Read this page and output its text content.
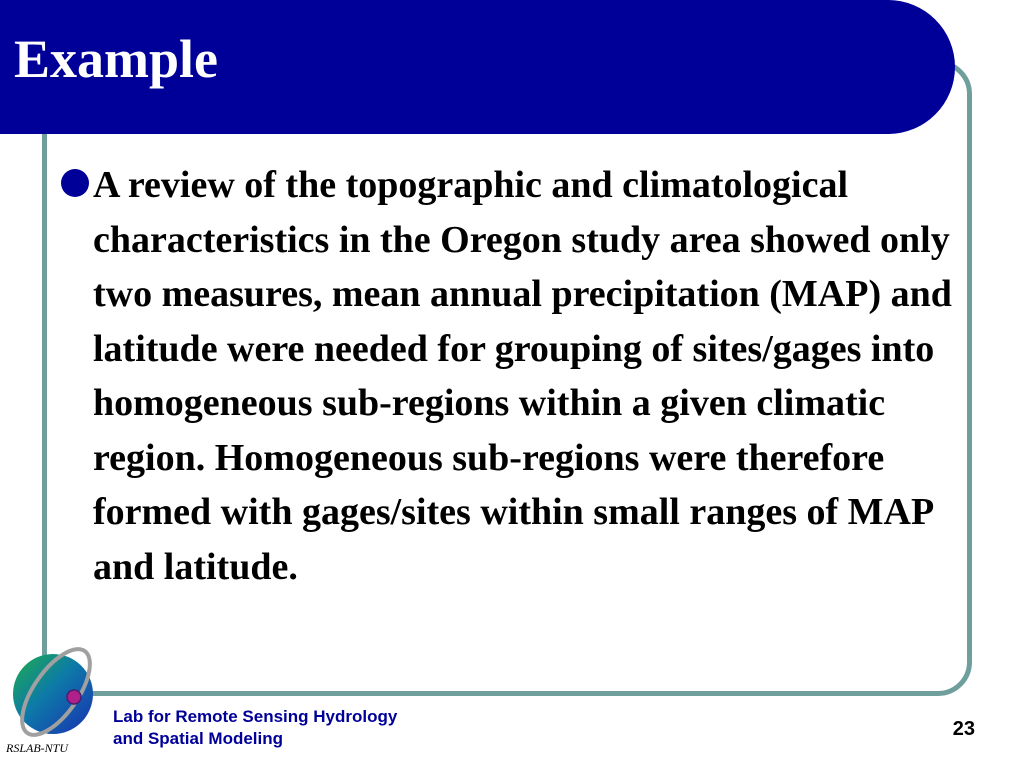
Example

A review of the topographic and climatological characteristics in the Oregon study area showed only two measures, mean annual precipitation (MAP) and latitude were needed for grouping of sites/gages into homogeneous sub-regions within a given climatic region. Homogeneous sub-regions were therefore formed with gages/sites within small ranges of MAP and latitude.

RSLAB-NTU
Lab for Remote Sensing Hydrology
and Spatial Modeling	23
